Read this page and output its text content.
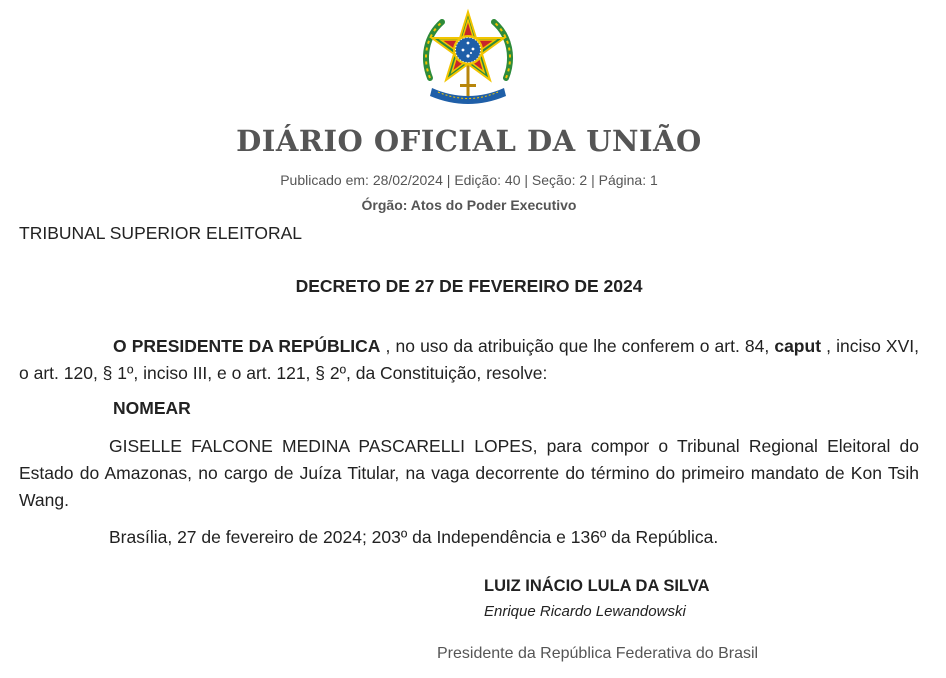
DIÁRIO OFICIAL DA UNIÃO
Publicado em: 28/02/2024 | Edição: 40 | Seção: 2 | Página: 1
Órgão: Atos do Poder Executivo
TRIBUNAL SUPERIOR ELEITORAL
DECRETO DE 27 DE FEVEREIRO DE 2024
O PRESIDENTE DA REPÚBLICA , no uso da atribuição que lhe conferem o art. 84, caput , inciso XVI, o art. 120, § 1º, inciso III, e o art. 121, § 2º, da Constituição, resolve:
NOMEAR
GISELLE FALCONE MEDINA PASCARELLI LOPES, para compor o Tribunal Regional Eleitoral do Estado do Amazonas, no cargo de Juíza Titular, na vaga decorrente do término do primeiro mandato de Kon Tsih Wang.
Brasília, 27 de fevereiro de 2024; 203º da Independência e 136º da República.
LUIZ INÁCIO LULA DA SILVA
Enrique Ricardo Lewandowski
Presidente da República Federativa do Brasil
